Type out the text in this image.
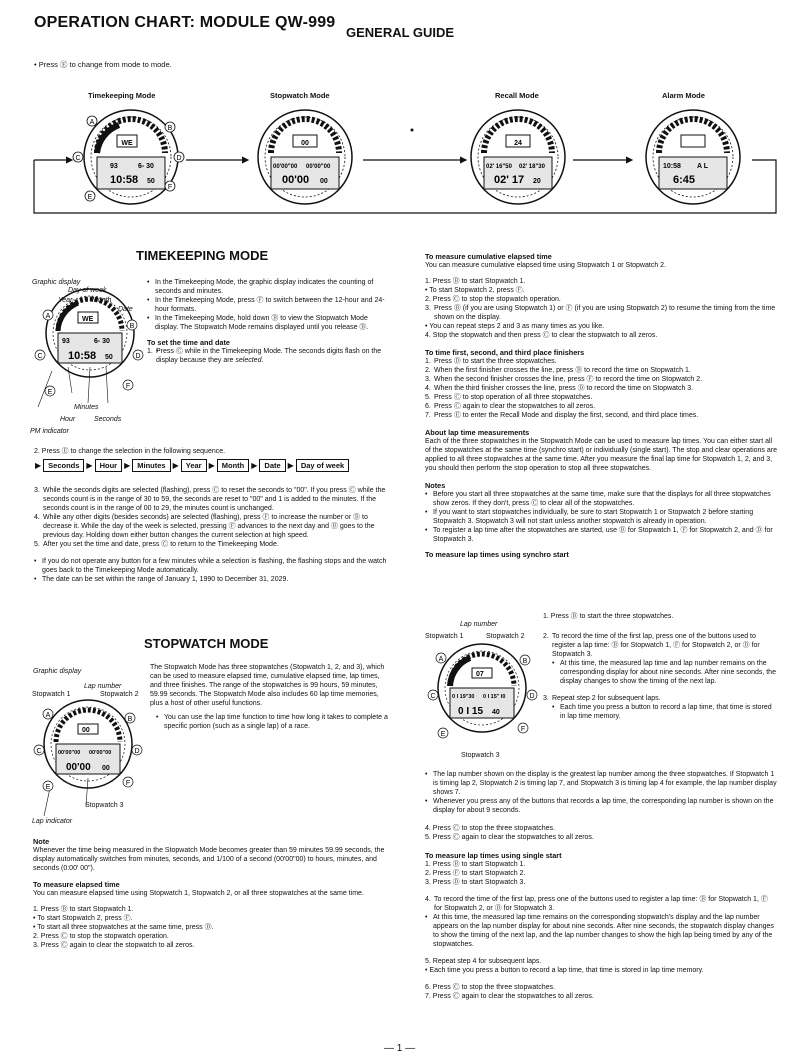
OPERATION CHART: MODULE QW-999
GENERAL GUIDE
• Press Ⓔ to change from mode to mode.
Timekeeping Mode	Stopwatch Mode	Recall Mode	Alarm Mode
A
B
C	D
E
F
WE
93	6- 30
10:58 50
00
00'00"00 00'00"00
00'00 00
24
02' 16"50 02' 18"30
02' 17 20
10:58 A L
6:45
TIMEKEEPING MODE
WE
93	6- 30
10:58 50
A
B
C	D
E
F
Graphic display
Day of week
Year	Month
Date
Minutes
Hour	Seconds
PM indicator
• In the Timekeeping Mode, the graphic display indicates the counting of seconds and minutes.
• In the Timekeeping Mode, press Ⓕ to switch between the 12-hour and 24-hour formats.
• In the Timekeeping Mode, hold down Ⓑ to view the Stopwatch Mode display. The Stopwatch Mode remains displayed until you release Ⓑ.
To set the time and date
• 1. Press Ⓒ while in the Timekeeping Mode. The seconds digits flash on the display because they are selected.
2. Press Ⓔ to change the selection in the following sequence.
▶ Seconds ▶ Hour ▶ Minutes ▶ Year ▶ Month ▶ Date ▶ Day of week
3. While the seconds digits are selected (flashing), press Ⓒ to reset the seconds to "00". If you press Ⓒ while the seconds count is in the range of 30 to 59, the seconds are reset to "00" and 1 is added to the minutes. If the seconds count is in the range of 00 to 29, the minutes count is unchanged.
4. While any other digits (besides seconds) are selected (flashing), press Ⓕ to increase the number or Ⓑ to decrease it. While the day of the week is selected, pressing Ⓕ advances to the next day and Ⓑ goes to the previous day. Holding down either button changes the current selection at high speed.
5. After you set the time and date, press Ⓒ to return to the Timekeeping Mode.
• If you do not operate any button for a few minutes while a selection is flashing, the flashing stops and the watch goes back to the Timekeeping Mode automatically.
• The date can be set within the range of January 1, 1990 to December 31, 2029.
STOPWATCH MODE
00
00'00"00 00'00"00
00'00 00
A
B
C	D
E
F
Graphic display
Lap number
Stopwatch 1	Stopwatch 2
Stopwatch 3
Lap indicator

The Stopwatch Mode has three stopwatches (Stopwatch 1, 2, and 3), which can be used to measure elapsed time, cumulative elapsed time, lap times, and three finishes. The range of the stopwatches is 99 hours, 59 minutes, 59.99 seconds. The Stopwatch Mode also includes 60 lap time memories, plus a host of other useful functions.

• You can use the lap time function to time how long it takes to complete a specific portion (such as a single lap) of a race.
Note

Whenever the time being measured in the Stopwatch Mode becomes greater than 59 minutes 59.99 seconds, the display automatically switches from minutes, seconds, and 1/100 of a second (00'00"00) to hours, minutes, and seconds (0:00' 00").

To measure elapsed time

You can measure elapsed time using Stopwatch 1, Stopwatch 2, or all three stopwatches at the same time.

1. Press Ⓑ to start Stopwatch 1.
• To start Stopwatch 2, press Ⓕ.
• To start all three stopwatches at the same time, press Ⓓ.
2. Press Ⓒ to stop the stopwatch operation.
3. Press Ⓒ again to clear the stopwatch to all zeros.
To measure cumulative elapsed time

You can measure cumulative elapsed time using Stopwatch 1 or Stopwatch 2.

1. Press Ⓑ to start Stopwatch 1.
• To start Stopwatch 2, press Ⓕ.
2. Press Ⓒ to stop the stopwatch operation.
3. Press Ⓑ (if you are using Stopwatch 1) or Ⓕ (if you are using Stopwatch 2) to resume the timing from the time shown on the display.
• You can repeat steps 2 and 3 as many times as you like.
4. Stop the stopwatch and then press Ⓒ to clear the stopwatch to all zeros.
To time first, second, and third place finishers
1. Press Ⓓ to start the three stopwatches.
2. When the first finisher crosses the line, press Ⓑ to record the time on Stopwatch 1.
3. When the second finisher crosses the line, press Ⓕ to record the time on Stopwatch 2.
4. When the third finisher crosses the line, press Ⓓ to record the time on Stopwatch 3.
5. Press Ⓒ to stop operation of all three stopwatches.
6. Press Ⓒ again to clear the stopwatches to all zeros.
7. Press Ⓔ to enter the Recall Mode and display the first, second, and third place times.
About lap time measurements

Each of the three stopwatches in the Stopwatch Mode can be used to measure lap times. You can either start all of the stopwatches at the same time (synchro start) or individually (single start). The stop and clear operations are applied to all three stopwatches at the same time. After you measure the final lap time for Stopwatch 1, 2, and 3, you should then perform the stop operation to stop all three stopwatches.

Notes
• Before you start all three stopwatches at the same time, make sure that the displays for all three stopwatches show zeros. If they don't, press Ⓒ to clear all of the stopwatches.
• If you want to start stopwatches individually, be sure to start Stopwatch 1 or Stopwatch 2 before starting Stopwatch 3. Stopwatch 3 will not start unless another stopwatch is already in operation.
• To register a lap time after the stopwatches are started, use Ⓑ for Stopwatch 1, Ⓕ for Stopwatch 2, and Ⓓ for Stopwatch 3.
To measure lap times using synchro start
07
0 I 19"30 0 I 15" I0
0 I 15 40
A	B
C	D
E
F
Lap number
Stopwatch 1	Stopwatch 2
Stopwatch 3
1. Press Ⓓ to start the three stopwatches.
2. To record the time of the first lap, press one of the buttons used to register a lap time: Ⓑ for Stopwatch 1, Ⓕ for Stopwatch 2, or Ⓓ for Stopwatch 3.
• At this time, the measured lap time and lap number remains on the corresponding display for about nine seconds. After nine seconds, the display changes to show the timing of the next lap.
3. Repeat step 2 for subsequent laps.
• Each time you press a button to record a lap time, that time is stored in lap time memory.
• The lap number shown on the display is the greatest lap number among the three stopwatches. If Stopwatch 1 is timing lap 2, Stopwatch 2 is timing lap 7, and Stopwatch 3 is timing lap 4 for example, the lap number display shows 7.
• Whenever you press any of the buttons that records a lap time, the corresponding lap number is shown on the display for about 9 seconds.
4. Press Ⓒ to stop the three stopwatches.
5. Press Ⓒ again to clear the stopwatches to all zeros.
To measure lap times using single start
1. Press Ⓑ to start Stopwatch 1.
2. Press Ⓕ to start Stopwatch 2.
3. Press Ⓓ to start Stopwatch 3.
4. To record the time of the first lap, press one of the buttons used to register a lap time: Ⓑ for Stopwatch 1, Ⓕ for Stopwatch 2, or Ⓓ for Stopwatch 3.
• At this time, the measured lap time remains on the corresponding stopwatch's display and the lap number appears on the lap number display for about nine seconds. After nine seconds, the stopwatch display changes to show the timing of the next lap, and the lap number changes to show the high lap being timed by any of the stopwatches.
5. Repeat step 4 for subsequent laps.
• Each time you press a button to record a lap time, that time is stored in lap time memory.
6. Press Ⓒ to stop the three stopwatches.
7. Press Ⓒ again to clear the stopwatches to all zeros.
— 1 —
